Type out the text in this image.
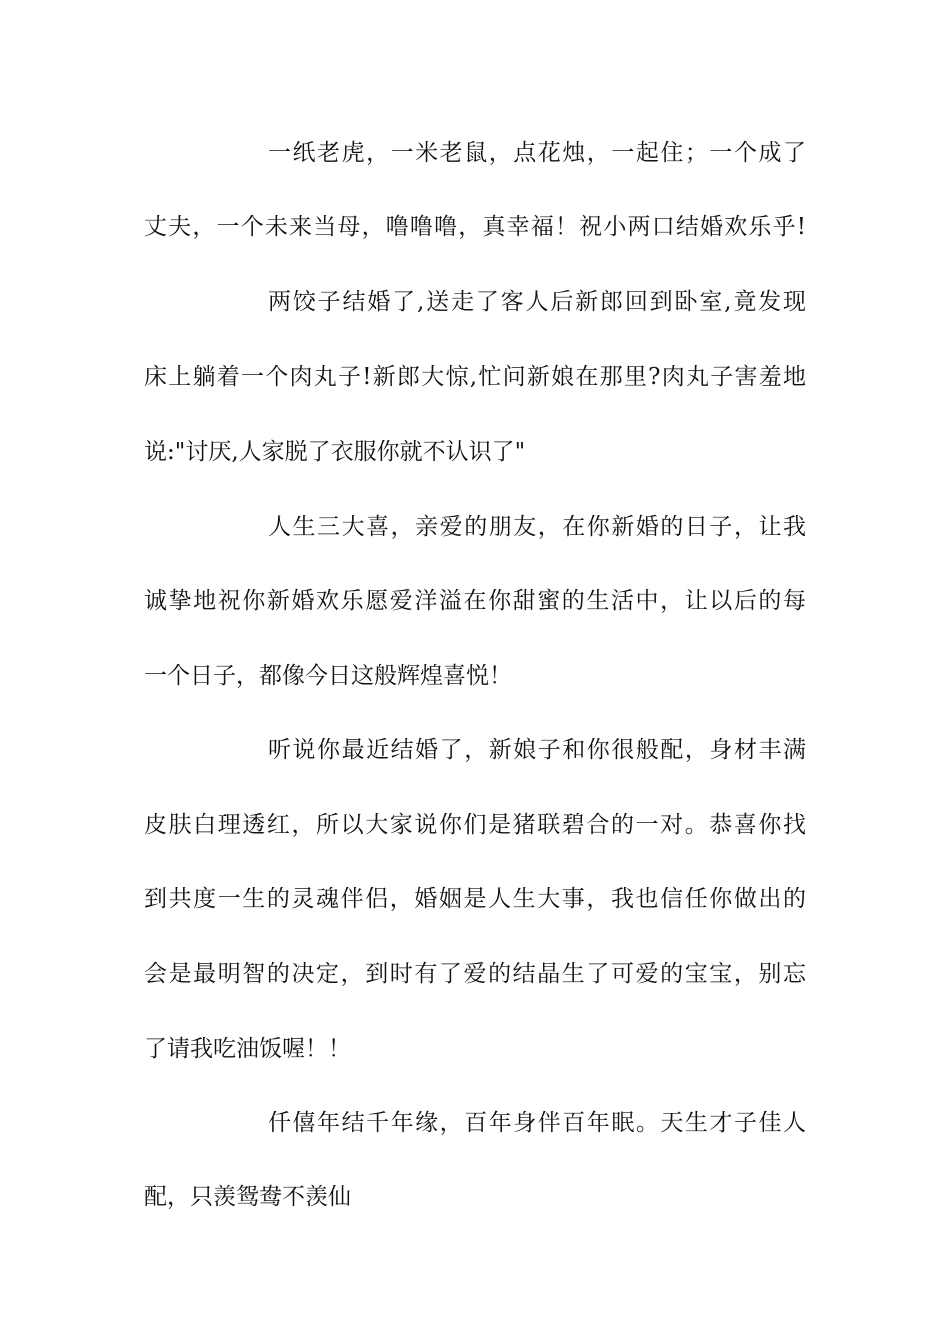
一纸老虎，一米老鼠，点花烛，一起住；一个成了
丈夫，一个未来当母，噜噜噜，真幸福！祝小两口结婚欢乐乎!
两饺子结婚了,送走了客人后新郎回到卧室,竟发现
床上躺着一个肉丸子!新郎大惊,忙问新娘在那里?肉丸子害羞地
说:"讨厌,人家脱了衣服你就不认识了"
人生三大喜，亲爱的朋友，在你新婚的日子，让我
诚挚地祝你新婚欢乐愿爱洋溢在你甜蜜的生活中，让以后的每
一个日子，都像今日这般辉煌喜悦！
听说你最近结婚了，新娘子和你很般配，身材丰满
皮肤白理透红，所以大家说你们是猪联碧合的一对。恭喜你找
到共度一生的灵魂伴侣，婚姻是人生大事，我也信任你做出的
会是最明智的决定，到时有了爱的结晶生了可爱的宝宝，别忘
了请我吃油饭喔！！
仟僖年结千年缘，百年身伴百年眠。天生才子佳人
配，只羡鸳鸯不羡仙
